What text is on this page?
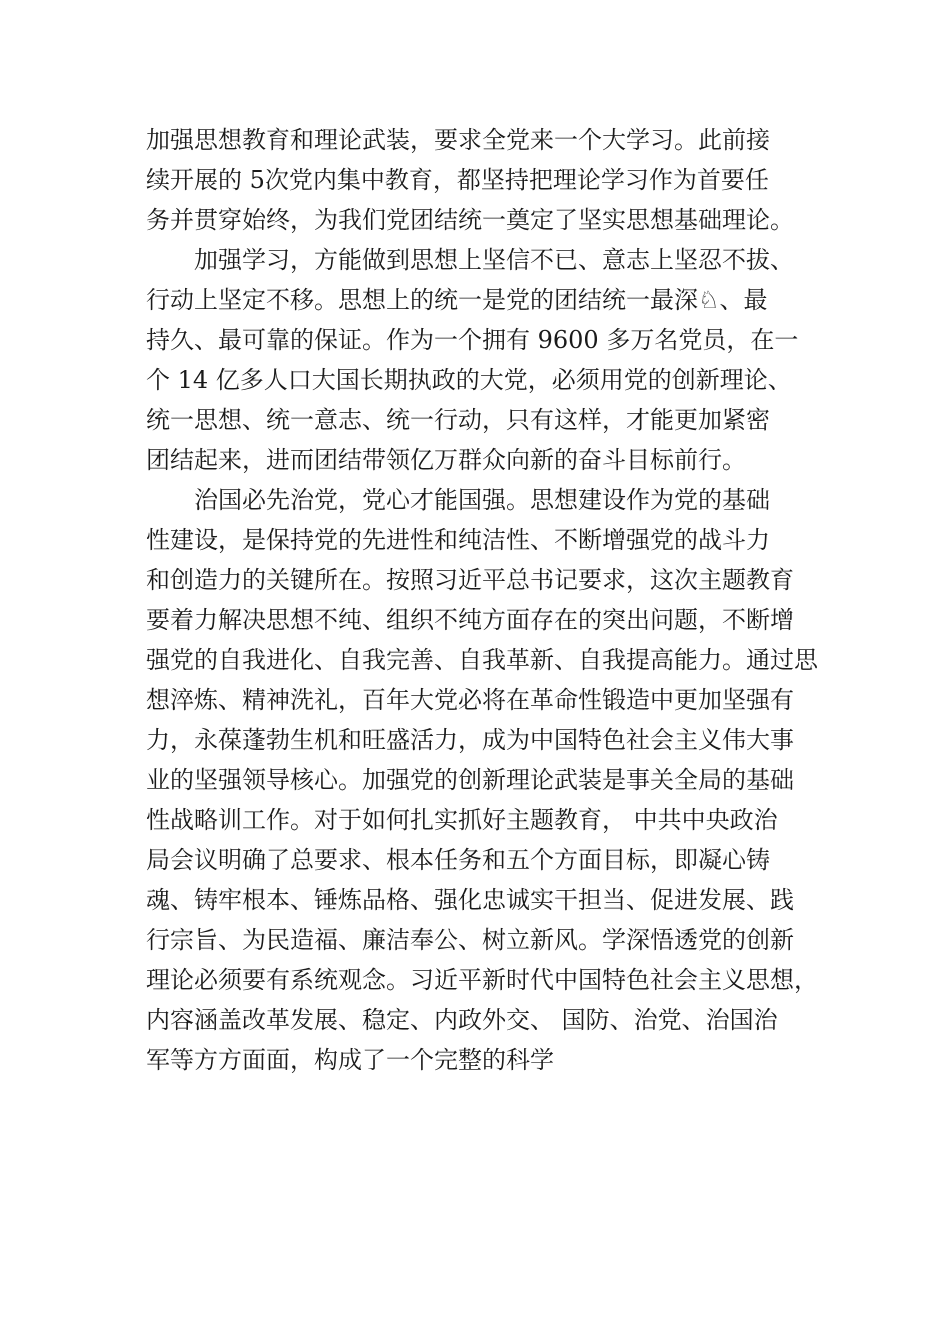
加强思想教育和理论武装，要求全党来一个大学习。此前接
续开展的 5次党内集中教育，都坚持把理论学习作为首要任
务并贯穿始终，为我们党团结统一奠定了坚实思想基础理论。
加强学习，方能做到思想上坚信不已、意志上坚忍不拔、
行动上坚定不移。思想上的统一是党的团结统一最深♘、最
持久、最可靠的保证。作为一个拥有 9600 多万名党员，在一
个 14 亿多人口大国长期执政的大党，必须用党的创新理论、
统一思想、统一意志、统一行动，只有这样，才能更加紧密
团结起来，进而团结带领亿万群众向新的奋斗目标前行。
治国必先治党，党心才能国强。思想建设作为党的基础
性建设，是保持党的先进性和纯洁性、不断增强党的战斗力
和创造力的关键所在。按照习近平总书记要求，这次主题教育
要着力解决思想不纯、组织不纯方面存在的突出问题，不断增
强党的自我进化、自我完善、自我革新、自我提高能力。通过思
想淬炼、精神洗礼，百年大党必将在革命性锻造中更加坚强有
力，永葆蓬勃生机和旺盛活力，成为中国特色社会主义伟大事
业的坚强领导核心。加强党的创新理论武装是事关全局的基础
性战略训工作。对于如何扎实抓好主题教育， 中共中央政治
局会议明确了总要求、根本任务和五个方面目标，即凝心铸
魂、铸牢根本、锤炼品格、强化忠诚实干担当、促进发展、践
行宗旨、为民造福、廉洁奉公、树立新风。学深悟透党的创新
理论必须要有系统观念。习近平新时代中国特色社会主义思想，
内容涵盖改革发展、稳定、内政外交、 国防、治党、治国治
军等方方面面，构成了一个完整的科学
